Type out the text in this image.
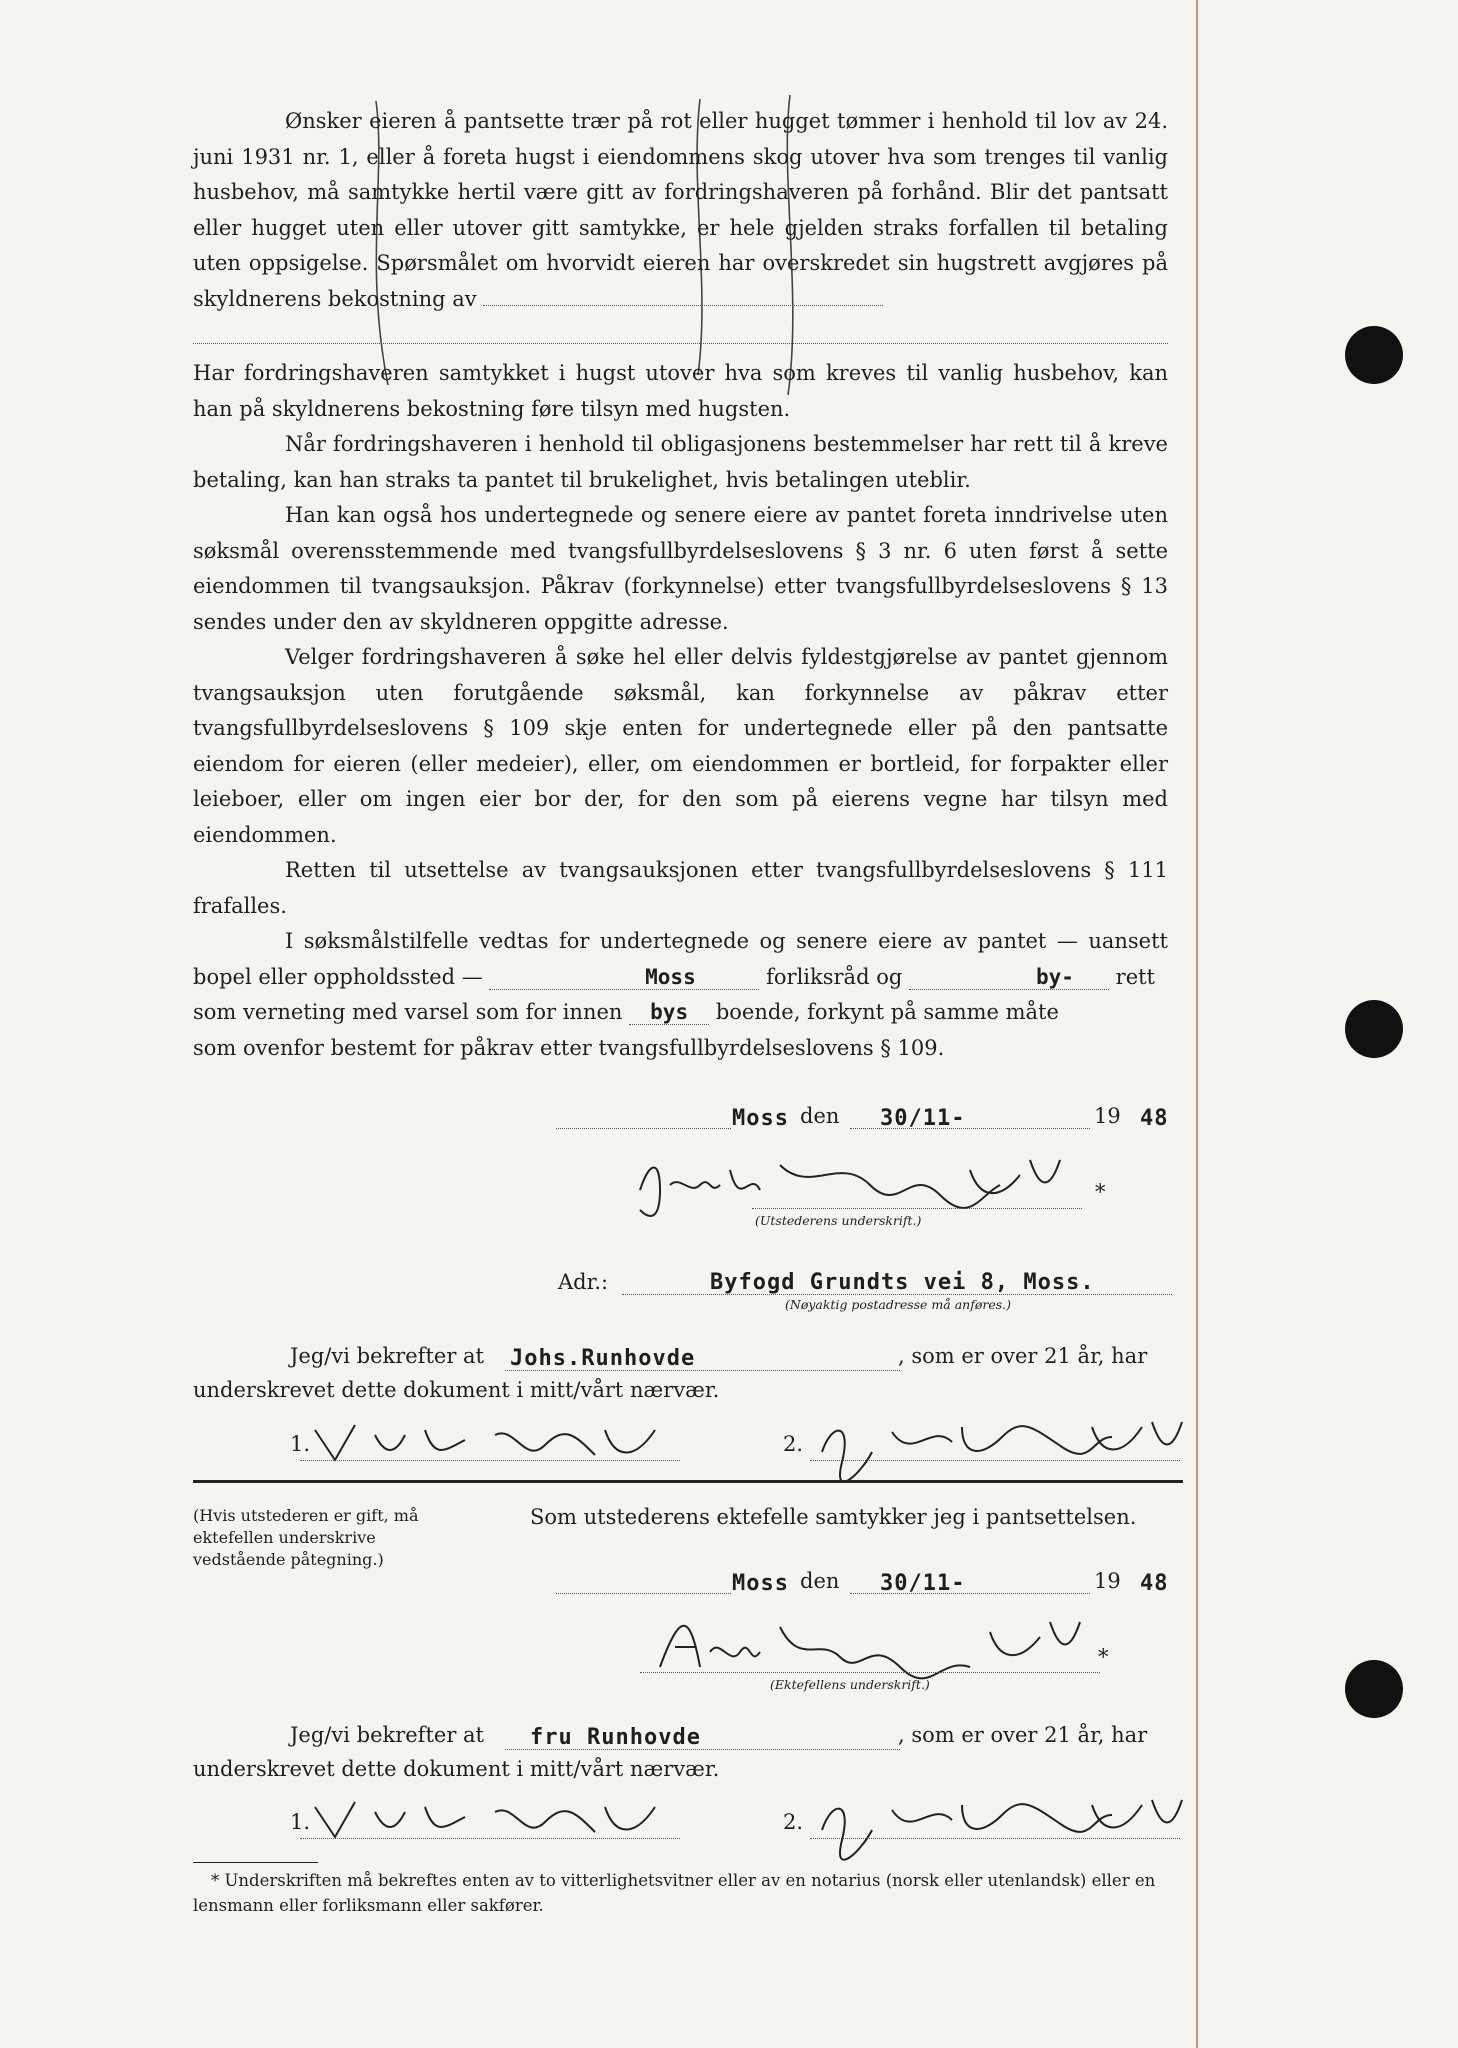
Ønsker eieren å pantsette trær på rot eller hugget tømmer i henhold til lov av 24. juni 1931 nr. 1, eller å foreta hugst i eiendommens skog utover hva som trenges til vanlig husbehov, må samtykke hertil være gitt av fordringshaveren på forhånd. Blir det pantsatt eller hugget uten eller utover gitt samtykke, er hele gjelden straks forfallen til betaling uten oppsigelse. Spørsmålet om hvorvidt eieren har overskredet sin hugstrett avgjøres på skyldnerens bekostning av

Har fordringshaveren samtykket i hugst utover hva som kreves til vanlig husbehov, kan han på skyldnerens bekostning føre tilsyn med hugsten.

Når fordringshaveren i henhold til obligasjonens bestemmelser har rett til å kreve betaling, kan han straks ta pantet til brukelighet, hvis betalingen uteblir.

Han kan også hos undertegnede og senere eiere av pantet foreta inndrivelse uten søksmål overensstemmende med tvangsfullbyrdelseslovens § 3 nr. 6 uten først å sette eiendommen til tvangsauksjon. Påkrav (forkynnelse) etter tvangsfullbyrdelseslovens § 13 sendes under den av skyldneren oppgitte adresse.

Velger fordringshaveren å søke hel eller delvis fyldestgjørelse av pantet gjennom tvangsauksjon uten forutgående søksmål, kan forkynnelse av påkrav etter tvangsfullbyrdelseslovens § 109 skje enten for undertegnede eller på den pantsatte eiendom for eieren (eller medeier), eller, om eiendommen er bortleid, for forpakter eller leieboer, eller om ingen eier bor der, for den som på eierens vegne har tilsyn med eiendommen.

Retten til utsettelse av tvangsauksjonen etter tvangsfullbyrdelseslovens § 111 frafalles.

I søksmålstilfelle vedtas for undertegnede og senere eiere av pantet — uansett bopel eller oppholdssted —	Moss	forliksråd og	by- rett

som verneting med varsel som for innen bys boende, forkynt på samme måte

som ovenfor bestemt for påkrav etter tvangsfullbyrdelseslovens § 109.

Moss den 30/11-	19 48
*
(Utstederens underskrift.)
Adr.:	Byfogd Grundts vei 8, Moss.
(Nøyaktig postadresse må anføres.)
Jeg/vi bekrefter at Johs.Runhovde	, som er over 21 år, har
underskrevet dette dokument i mitt/vårt nærvær.
1.	2.
(Hvis utstederen er gift, må ektefellen underskrive vedstående påtegning.)
Som utstederens ektefelle samtykker jeg i pantsettelsen.
Moss den 30/11-	19 48
*
(Ektefellens underskrift.)
Jeg/vi bekrefter at fru Runhovde	, som er over 21 år, har
underskrevet dette dokument i mitt/vårt nærvær.
1.	2.
* Underskriften må bekreftes enten av to vitterlighetsvitner eller av en notarius (norsk eller utenlandsk) eller en lensmann eller forliksmann eller sakfører.
